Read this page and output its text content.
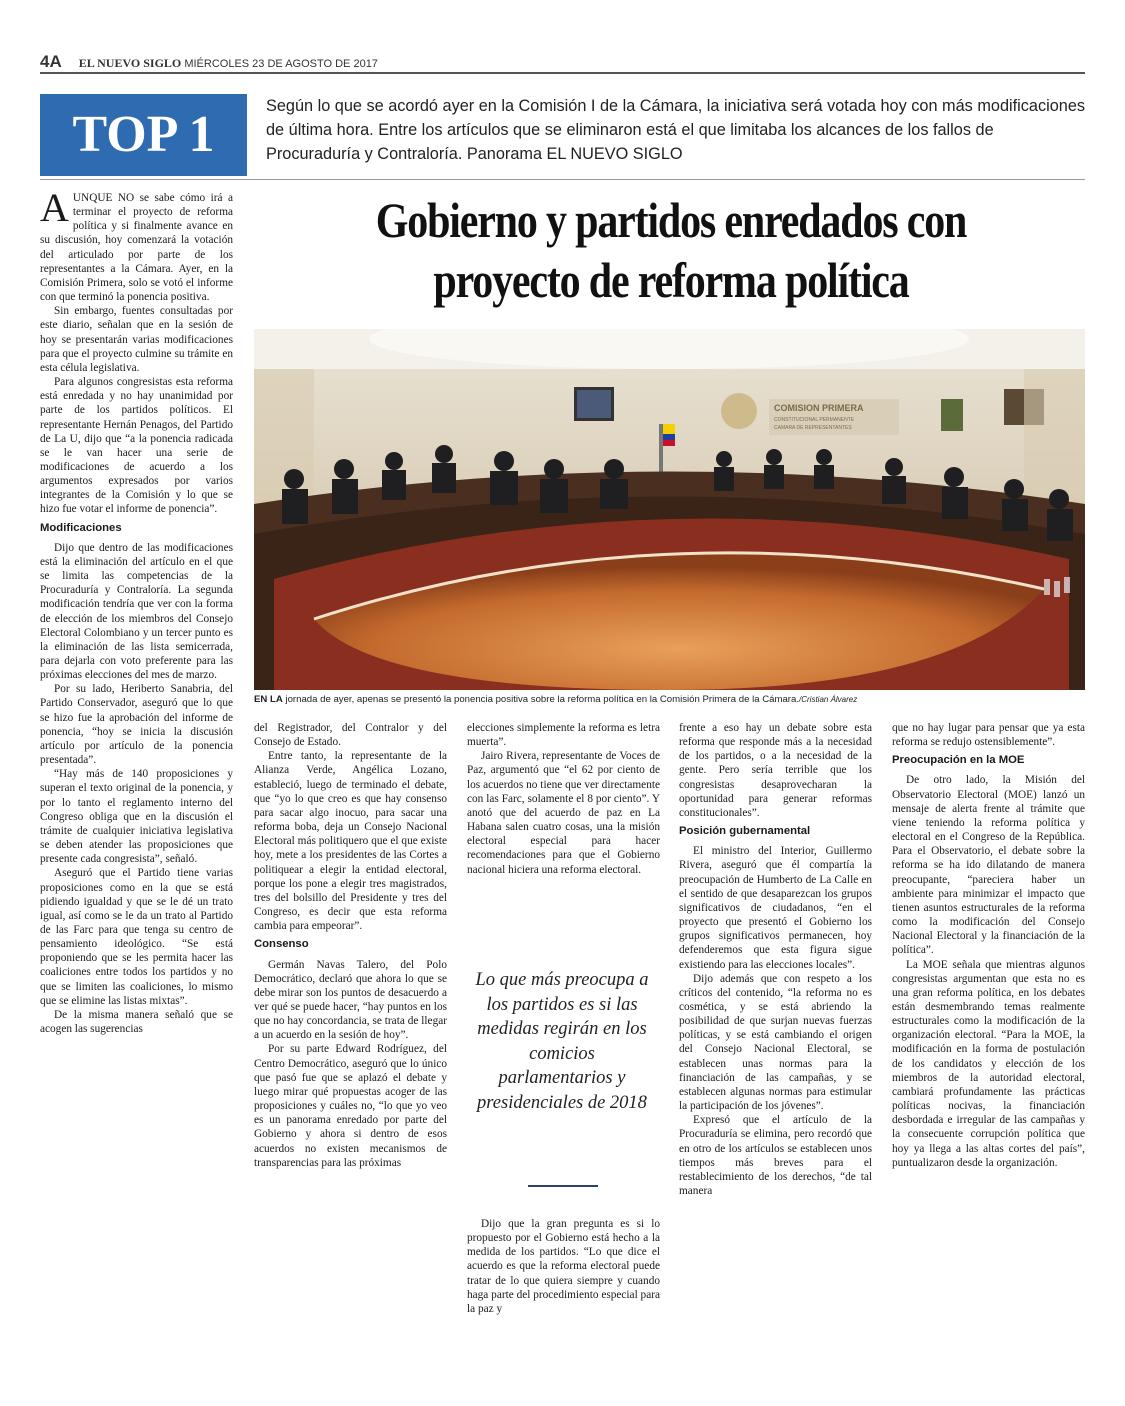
4A EL NUEVO SIGLO MIÉRCOLES 23 DE AGOSTO DE 2017
TOP 1	Según lo que se acordó ayer en la Comisión I de la Cámara, la iniciativa será votada hoy con más modificaciones de última hora. Entre los artículos que se eliminaron está el que limitaba los alcances de los fallos de Procuraduría y Contraloría. Panorama EL NUEVO SIGLO
Gobierno y partidos enredados con proyecto de reforma política
COMISION PRIMERA
CONSTITUCIONAL PERMANENTE
CAMARA DE REPRESENTANTES
EN LA jornada de ayer, apenas se presentó la ponencia positiva sobre la reforma política en la Comisión Primera de la Cámara./Cristian Álvarez

AUNQUE NO se sabe cómo irá a terminar el proyecto de reforma política y si finalmente avance en su discusión, hoy comenzará la votación del articulado por parte de los representantes a la Cámara. Ayer, en la Comisión Primera, solo se votó el informe con que terminó la ponencia positiva.

Sin embargo, fuentes consultadas por este diario, señalan que en la sesión de hoy se presentarán varias modificaciones para que el proyecto culmine su trámite en esta célula legislativa.

Para algunos congresistas esta reforma está enredada y no hay unanimidad por parte de los partidos políticos. El representante Hernán Penagos, del Partido de La U, dijo que “a la ponencia radicada se le van hacer una serie de modificaciones de acuerdo a los argumentos expresados por varios integrantes de la Comisión y lo que se hizo fue votar el informe de ponencia”.

Modificaciones

Dijo que dentro de las modificaciones está la eliminación del artículo en el que se limita las competencias de la Procuraduría y Contraloría. La segunda modificación tendría que ver con la forma de elección de los miembros del Consejo Electoral Colombiano y un tercer punto es la eliminación de las lista semicerrada, para dejarla con voto preferente para las próximas elecciones del mes de marzo.

Por su lado, Heriberto Sanabria, del Partido Conservador, aseguró que lo que se hizo fue la aprobación del informe de ponencia, “hoy se inicia la discusión artículo por artículo de la ponencia presentada”.

“Hay más de 140 proposiciones y superan el texto original de la ponencia, y por lo tanto el reglamento interno del Congreso obliga que en la discusión el trámite de cualquier iniciativa legislativa se deben atender las proposiciones que presente cada congresista”, señaló.

Aseguró que el Partido tiene varias proposiciones como en la que se está pidiendo igualdad y que se le dé un trato igual, así como se le da un trato al Partido de las Farc para que tenga su centro de pensamiento ideológico. “Se está proponiendo que se les permita hacer las coaliciones entre todos los partidos y no que se limiten las coaliciones, lo mismo que se elimine las listas mixtas”.

De la misma manera señaló que se acogen las sugerencias

del Registrador, del Contralor y del Consejo de Estado.

Entre tanto, la representante de la Alianza Verde, Angélica Lozano, estableció, luego de terminado el debate, que “yo lo que creo es que hay consenso para sacar algo inocuo, para sacar una reforma boba, deja un Consejo Nacional Electoral más politiquero que el que existe hoy, mete a los presidentes de las Cortes a politiquear a elegir la entidad electoral, porque los pone a elegir tres magistrados, tres del bolsillo del Presidente y tres del Congreso, es decir que esta reforma cambia para empeorar”.

Consenso

Germán Navas Talero, del Polo Democrático, declaró que ahora lo que se debe mirar son los puntos de desacuerdo a ver qué se puede hacer, “hay puntos en los que no hay concordancia, se trata de llegar a un acuerdo en la sesión de hoy”.

Por su parte Edward Rodríguez, del Centro Democrático, aseguró que lo único que pasó fue que se aplazó el debate y luego mirar qué propuestas acoger de las proposiciones y cuáles no, “lo que yo veo es un panorama enredado por parte del Gobierno y ahora si dentro de esos acuerdos no existen mecanismos de transparencias para las próximas

elecciones simplemente la reforma es letra muerta”.

Jairo Rivera, representante de Voces de Paz, argumentó que “el 62 por ciento de los acuerdos no tiene que ver directamente con las Farc, solamente el 8 por ciento”. Y anotó que del acuerdo de paz en La Habana salen cuatro cosas, una la misión electoral especial para hacer recomendaciones para que el Gobierno nacional hiciera una reforma electoral.

Lo que más preocupa a los partidos es si las medidas regirán en los comicios parlamentarios y presidenciales de 2018

Dijo que la gran pregunta es si lo propuesto por el Gobierno está hecho a la medida de los partidos. “Lo que dice el acuerdo es que la reforma electoral puede tratar de lo que quiera siempre y cuando haga parte del procedimiento especial para la paz y

frente a eso hay un debate sobre esta reforma que responde más a la necesidad de los partidos, o a la necesidad de la gente. Pero sería terrible que los congresistas desaprovecharan la oportunidad para generar reformas constitucionales”.

Posición gubernamental

El ministro del Interior, Guillermo Rivera, aseguró que él compartía la preocupación de Humberto de La Calle en el sentido de que desaparezcan los grupos significativos de ciudadanos, “en el proyecto que presentó el Gobierno los grupos significativos permanecen, hoy defenderemos que esta figura sigue existiendo para las elecciones locales”.

Dijo además que con respeto a los críticos del contenido, “la reforma no es cosmética, y se está abriendo la posibilidad de que surjan nuevas fuerzas políticas, y se está cambiando el origen del Consejo Nacional Electoral, se establecen unas normas para la financiación de las campañas, y se establecen algunas normas para estimular la participación de los jóvenes”.

Expresó que el artículo de la Procuraduría se elimina, pero recordó que en otro de los artículos se establecen unos tiempos más breves para el restablecimiento de los derechos, “de tal manera

que no hay lugar para pensar que ya esta reforma se redujo ostensiblemente”.

Preocupación en la MOE

De otro lado, la Misión del Observatorio Electoral (MOE) lanzó un mensaje de alerta frente al trámite que viene teniendo la reforma política y electoral en el Congreso de la República. Para el Observatorio, el debate sobre la reforma se ha ido dilatando de manera preocupante, “pareciera haber un ambiente para minimizar el impacto que tienen asuntos estructurales de la reforma como la modificación del Consejo Nacional Electoral y la financiación de la política”.

La MOE señala que mientras algunos congresistas argumentan que esta no es una gran reforma política, en los debates están desmembrando temas realmente estructurales como la modificación de la organización electoral. “Para la MOE, la modificación en la forma de postulación de los candidatos y elección de los miembros de la autoridad electoral, cambiará profundamente las prácticas políticas nocivas, la financiación desbordada e irregular de las campañas y la consecuente corrupción política que hoy ya llega a las altas cortes del país”, puntualizaron desde la organización.
